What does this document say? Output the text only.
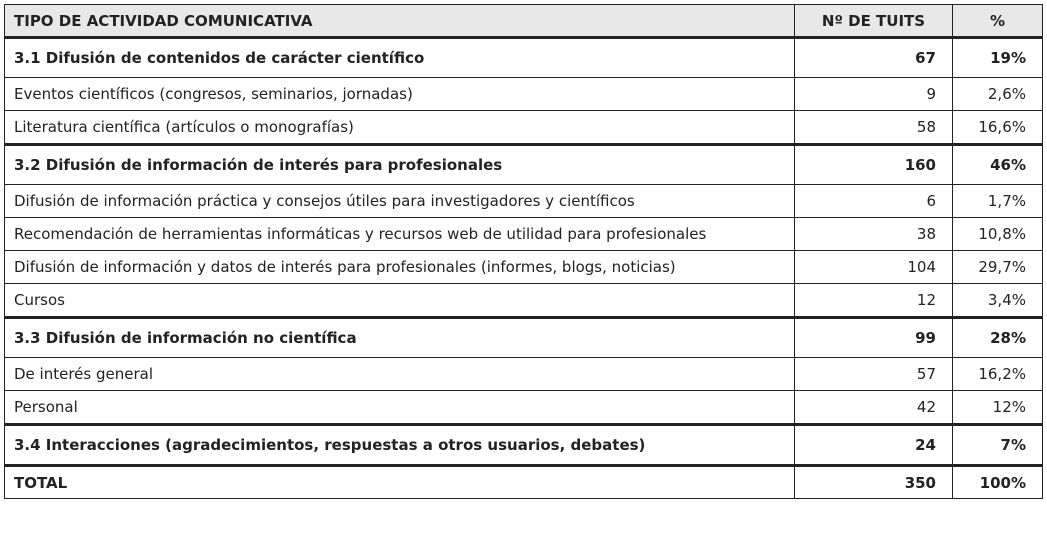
TIPO DE ACTIVIDAD COMUNICATIVA	Nº DE TUITS	%
3.1 Difusión de contenidos de carácter científico	67	19%
Eventos científicos (congresos, seminarios, jornadas)	9	2,6%
Literatura científica (artículos o monografías)	58	16,6%
3.2 Difusión de información de interés para profesionales	160	46%
Difusión de información práctica y consejos útiles para investigadores y científicos	6	1,7%
Recomendación de herramientas informáticas y recursos web de utilidad para profesionales	38	10,8%
Difusión de información y datos de interés para profesionales (informes, blogs, noticias)	104	29,7%
Cursos	12	3,4%
3.3 Difusión de información no científica	99	28%
De interés general	57	16,2%
Personal	42	12%
3.4 Interacciones (agradecimientos, respuestas a otros usuarios, debates)	24	7%
TOTAL	350	100%
